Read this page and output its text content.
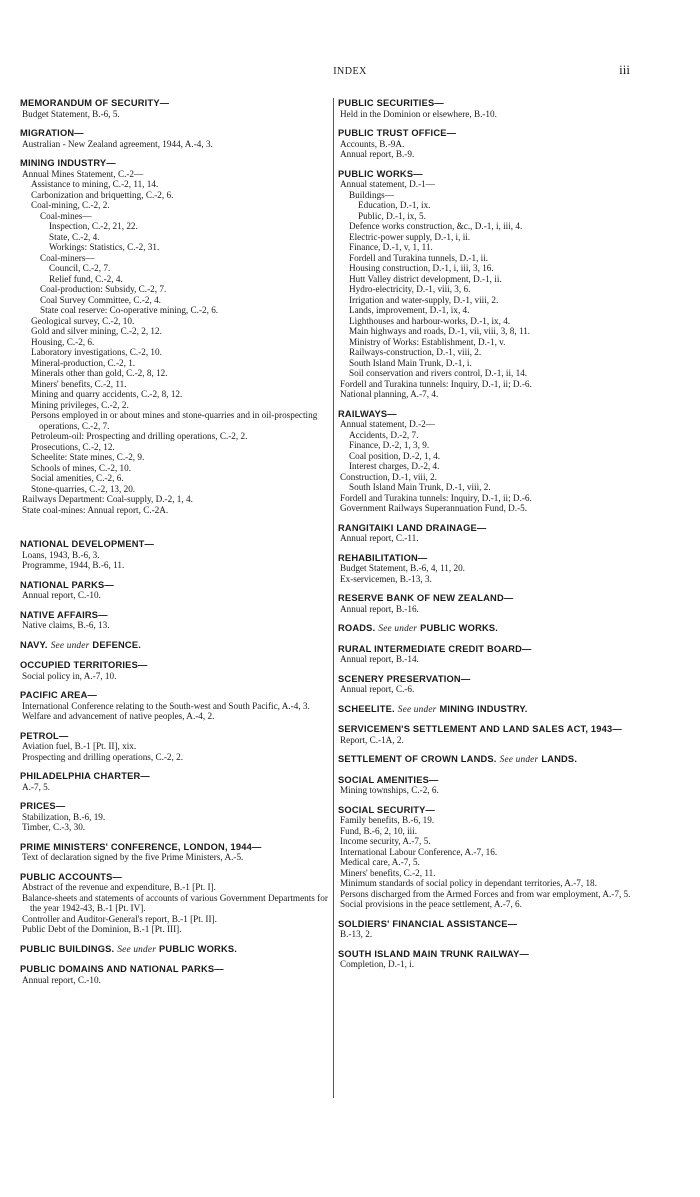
INDEX	iii
MEMORANDUM OF SECURITY—
Budget Statement, B.-6, 5.
MIGRATION—
Australian - New Zealand agreement, 1944, A.-4, 3.
MINING INDUSTRY—
Annual Mines Statement, C.-2—
Assistance to mining, C.-2, 11, 14.
Carbonization and briquetting, C.-2, 6.
Coal-mining, C.-2, 2.
Coal-mines—
Inspection, C.-2, 21, 22.
State, C.-2, 4.
Workings: Statistics, C.-2, 31.
Coal-miners—
Council, C.-2, 7.
Relief fund, C.-2, 4.
Coal-production: Subsidy, C.-2, 7.
Coal Survey Committee, C.-2, 4.
State coal reserve: Co-operative mining, C.-2, 6.
Geological survey, C.-2, 10.
Gold and silver mining, C.-2, 2, 12.
Housing, C.-2, 6.
Laboratory investigations, C.-2, 10.
Mineral-production, C.-2, 1.
Minerals other than gold, C.-2, 8, 12.
Miners' benefits, C.-2, 11.
Mining and quarry accidents, C.-2, 8, 12.
Mining privileges, C.-2, 2.
Persons employed in or about mines and stone-quarries and in oil-prospecting operations, C.-2, 7.
Petroleum-oil: Prospecting and drilling operations, C.-2, 2.
Prosecutions, C.-2, 12.
Scheelite: State mines, C.-2, 9.
Schools of mines, C.-2, 10.
Social amenities, C.-2, 6.
Stone-quarries, C.-2, 13, 20.
Railways Department: Coal-supply, D.-2, 1, 4.
State coal-mines: Annual report, C.-2A.
NATIONAL DEVELOPMENT—
Loans, 1943, B.-6, 3.
Programme, 1944, B.-6, 11.
NATIONAL PARKS—
Annual report, C.-10.
NATIVE AFFAIRS—
Native claims, B.-6, 13.
NAVY. See under DEFENCE.
OCCUPIED TERRITORIES—
Social policy in, A.-7, 10.
PACIFIC AREA—
International Conference relating to the South-west and South Pacific, A.-4, 3.
Welfare and advancement of native peoples, A.-4, 2.
PETROL—
Aviation fuel, B.-1 [Pt. II], xix.
Prospecting and drilling operations, C.-2, 2.
PHILADELPHIA CHARTER—
A.-7, 5.
PRICES—
Stabilization, B.-6, 19.
Timber, C.-3, 30.
PRIME MINISTERS' CONFERENCE, LONDON, 1944—
Text of declaration signed by the five Prime Ministers, A.-5.
PUBLIC ACCOUNTS—
Abstract of the revenue and expenditure, B.-1 [Pt. I].
Balance-sheets and statements of accounts of various Government Departments for the year 1942-43, B.-1 [Pt. IV].
Controller and Auditor-General's report, B.-1 [Pt. II].
Public Debt of the Dominion, B.-1 [Pt. III].
PUBLIC BUILDINGS. See under PUBLIC WORKS.
PUBLIC DOMAINS AND NATIONAL PARKS—
Annual report, C.-10.
PUBLIC SECURITIES—
Held in the Dominion or elsewhere, B.-10.
PUBLIC TRUST OFFICE—
Accounts, B.-9A.
Annual report, B.-9.
PUBLIC WORKS—
Annual statement, D.-1—
Buildings—
Education, D.-1, ix.
Public, D.-1, ix, 5.
Defence works construction, &c., D.-1, i, iii, 4.
Electric-power supply, D.-1, i, ii.
Finance, D.-1, v, 1, 11.
Fordell and Turakina tunnels, D.-1, ii.
Housing construction, D.-1, i, iii, 3, 16.
Hutt Valley district development, D.-1, ii.
Hydro-electricity, D.-1, viii, 3, 6.
Irrigation and water-supply, D.-1, viii, 2.
Lands, improvement, D.-1, ix, 4.
Lighthouses and harbour-works, D.-1, ix, 4.
Main highways and roads, D.-1, vii, viii, 3, 8, 11.
Ministry of Works: Establishment, D.-1, v.
Railways-construction, D.-1, viii, 2.
South Island Main Trunk, D.-1, i.
Soil conservation and rivers control, D.-1, ii, 14.
Fordell and Turakina tunnels: Inquiry, D.-1, ii; D.-6.
National planning, A.-7, 4.
RAILWAYS—
Annual statement, D.-2—
Accidents, D.-2, 7.
Finance, D.-2, 1, 3, 9.
Coal position, D.-2, 1, 4.
Interest charges, D.-2, 4.
Construction, D.-1, viii, 2.
South Island Main Trunk, D.-1, viii, 2.
Fordell and Turakina tunnels: Inquiry, D.-1, ii; D.-6.
Government Railways Superannuation Fund, D.-5.
RANGITAIKI LAND DRAINAGE—
Annual report, C.-11.
REHABILITATION—
Budget Statement, B.-6, 4, 11, 20.
Ex-servicemen, B.-13, 3.
RESERVE BANK OF NEW ZEALAND—
Annual report, B.-16.
ROADS. See under PUBLIC WORKS.
RURAL INTERMEDIATE CREDIT BOARD—
Annual report, B.-14.
SCENERY PRESERVATION—
Annual report, C.-6.
SCHEELITE. See under MINING INDUSTRY.
SERVICEMEN'S SETTLEMENT AND LAND SALES ACT, 1943—
Report, C.-1A, 2.
SETTLEMENT OF CROWN LANDS. See under LANDS.
SOCIAL AMENITIES—
Mining townships, C.-2, 6.
SOCIAL SECURITY—
Family benefits, B.-6, 19.
Fund, B.-6, 2, 10, iii.
Income security, A.-7, 5.
International Labour Conference, A.-7, 16.
Medical care, A.-7, 5.
Miners' benefits, C.-2, 11.
Minimum standards of social policy in dependant territories, A.-7, 18.
Persons discharged from the Armed Forces and from war employment, A.-7, 5.
Social provisions in the peace settlement, A.-7, 6.
SOLDIERS' FINANCIAL ASSISTANCE—
B.-13, 2.
SOUTH ISLAND MAIN TRUNK RAILWAY—
Completion, D.-1, i.
